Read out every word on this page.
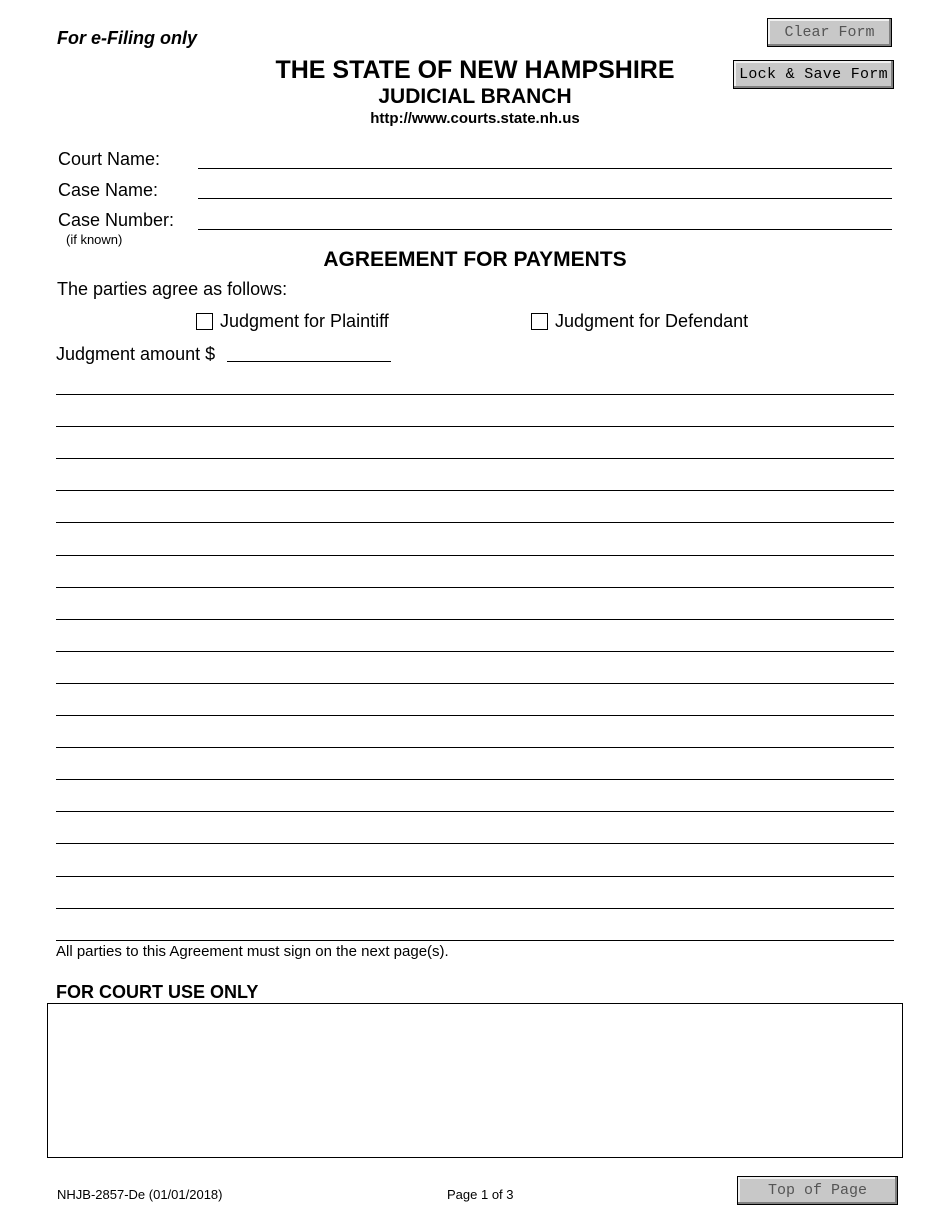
For e-Filing only	Clear Form
Lock & Save Form
THE STATE OF NEW HAMPSHIRE
JUDICIAL BRANCH
http://www.courts.state.nh.us
Court Name:
Case Name:
Case Number:
(if known)
AGREEMENT FOR PAYMENTS
The parties agree as follows:
Judgment for Plaintiff	Judgment for Defendant
Judgment amount $
All parties to this Agreement must sign on the next page(s).
FOR COURT USE ONLY
NHJB-2857-De (01/01/2018)	Page 1 of 3	Top of Page
